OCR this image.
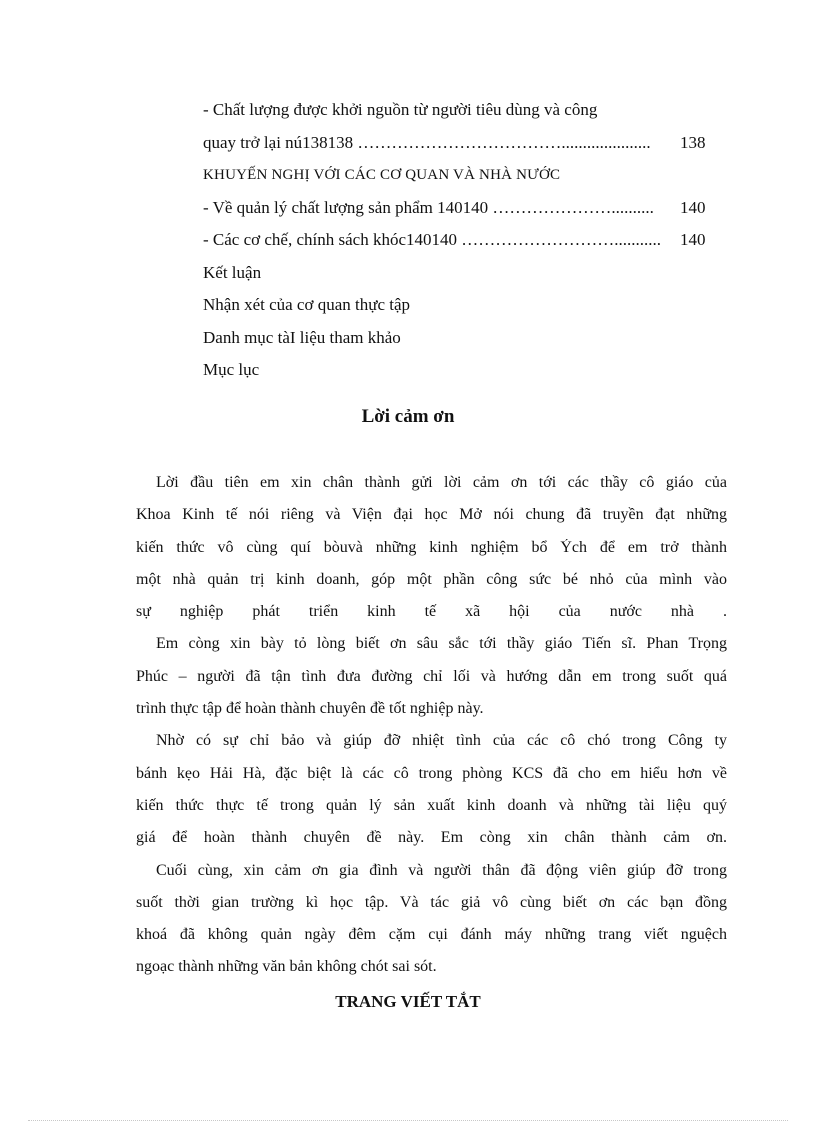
- Chất lượng được khởi nguồn từ người tiêu dùng và công
quay trở lại nú138138 ………………………………..................... 138
KHUYẾN NGHỊ VỚI CÁC CƠ QUAN VÀ NHÀ NƯỚC
- Về quản lý chất lượng sản phẩm 140140 ………………….......... 140
- Các cơ chế, chính sách khóc140140 ………………………........... 140
Kết luận
Nhận xét của cơ quan thực tập
Danh mục tàI liệu tham khảo
Mục lục
Lời cảm ơn
Lời đầu tiên em xin chân thành gửi lời cảm ơn tới các thầy cô giáo của
Khoa Kinh tế nói riêng và Viện đại học Mở nói chung đã truyền đạt những
kiến thức vô cùng quí bòuvà những kinh nghiệm bổ Ých để em trở thành
một nhà quản trị kinh doanh, góp một phần công sức bé nhỏ của mình vào
sự nghiệp phát triển kinh tế xã hội của nước nhà .
Em còng xin bày tỏ lòng biết ơn sâu sắc tới thầy giáo Tiến sĩ. Phan Trọng
Phúc – người đã tận tình đưa đường chỉ lối và hướng dẫn em trong suốt quá
trình thực tập để hoàn thành chuyên đề tốt nghiệp này.
Nhờ có sự chỉ bảo và giúp đỡ nhiệt tình của các cô chó trong Công ty
bánh kẹo Hải Hà, đặc biệt là các cô trong phòng KCS đã cho em hiểu hơn về
kiến thức thực tế trong quản lý sản xuất kinh doanh và những tài liệu quý
giá để hoàn thành chuyên đề này. Em còng xin chân thành cảm ơn.
Cuối cùng, xin cảm ơn gia đình và người thân đã động viên giúp đỡ trong
suốt thời gian trường kì học tập. Và tác giả vô cùng biết ơn các bạn đồng
khoá đã không quản ngày đêm cặm cụi đánh máy những trang viết nguệch
ngoạc thành những văn bản không chót sai sót.
TRANG VIẾT TẮT
